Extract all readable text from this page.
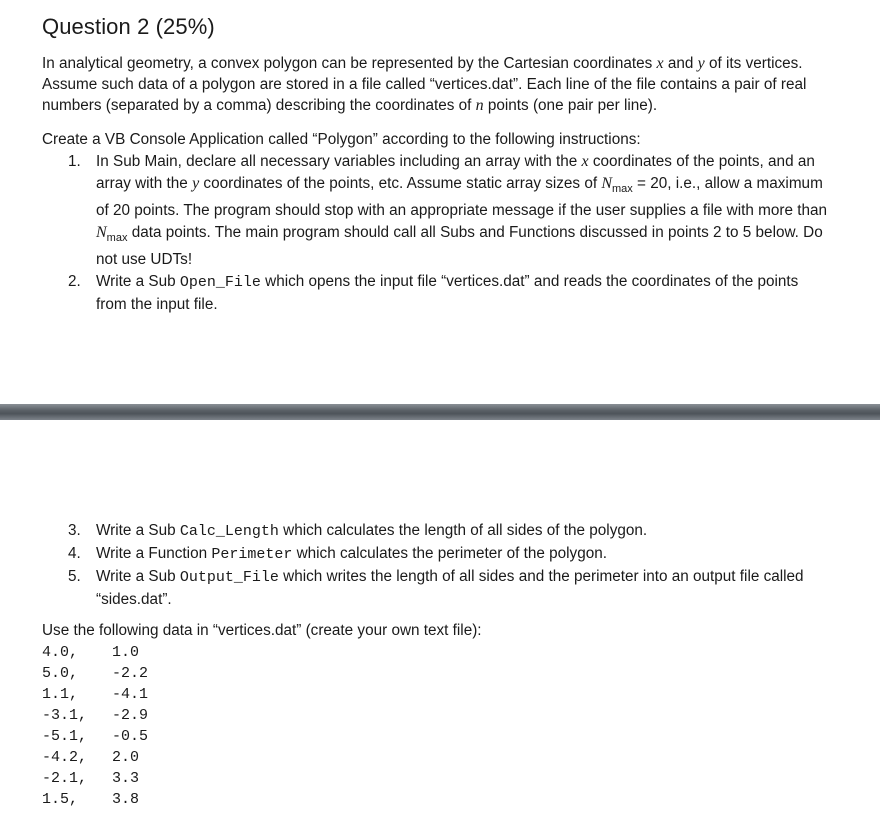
Question 2 (25%)

In analytical geometry, a convex polygon can be represented by the Cartesian coordinates x and y of its vertices. Assume such data of a polygon are stored in a file called “vertices.dat”. Each line of the file contains a pair of real numbers (separated by a comma) describing the coordinates of n points (one pair per line).

Create a VB Console Application called “Polygon” according to the following instructions:

1. In Sub Main, declare all necessary variables including an array with the x coordinates of the points, and an array with the y coordinates of the points, etc. Assume static array sizes of $N_{max} = 20$, i.e., allow a maximum of 20 points. The program should stop with an appropriate message if the user supplies a file with more than $N_{max}$ data points. The main program should call all Subs and Functions discussed in points 2 to 5 below. Do not use UDTs!
2. Write a Sub Open_File which opens the input file “vertices.dat” and reads the coordinates of the points from the input file.
3. Write a Sub Calc_Length which calculates the length of all sides of the polygon.
4. Write a Function Perimeter which calculates the perimeter of the polygon.
5. Write a Sub Output_File which writes the length of all sides and the perimeter into an output file called “sides.dat”.

Use the following data in “vertices.dat” (create your own text file):

4.0,	1.0
5.0,	-2.2
1.1,	-4.1
-3.1,	-2.9
-5.1,	-0.5
-4.2,	2.0
-2.1,	3.3
1.5,	3.8
